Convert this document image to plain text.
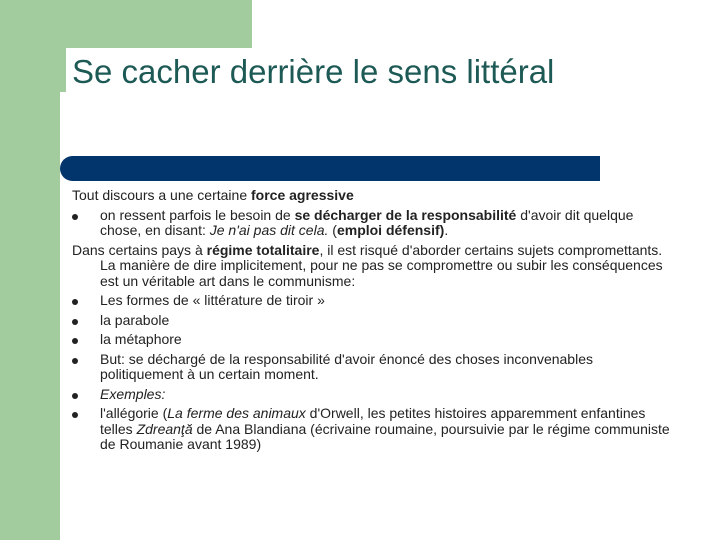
Se cacher derrière le sens littéral

Tout discours a une certaine force agressive

on ressent parfois le besoin de se décharger de la responsabilité d'avoir dit quelque chose, en disant: Je n'ai pas dit cela. (emploi défensif).

Dans certains pays à régime totalitaire, il est risqué d'aborder certains sujets compromettants. La manière de dire implicitement, pour ne pas se compromettre ou subir les conséquences est un véritable art dans le communisme:

Les formes de « littérature de tiroir »
la parabole
la métaphore
But: se déchargé de la responsabilité d'avoir énoncé des choses inconvenables politiquement à un certain moment.
Exemples:
l'allégorie (La ferme des animaux d'Orwell, les petites histoires apparemment enfantines telles Zdreanţă de Ana Blandiana (écrivaine roumaine, poursuivie par le régime communiste de Roumanie avant 1989)
